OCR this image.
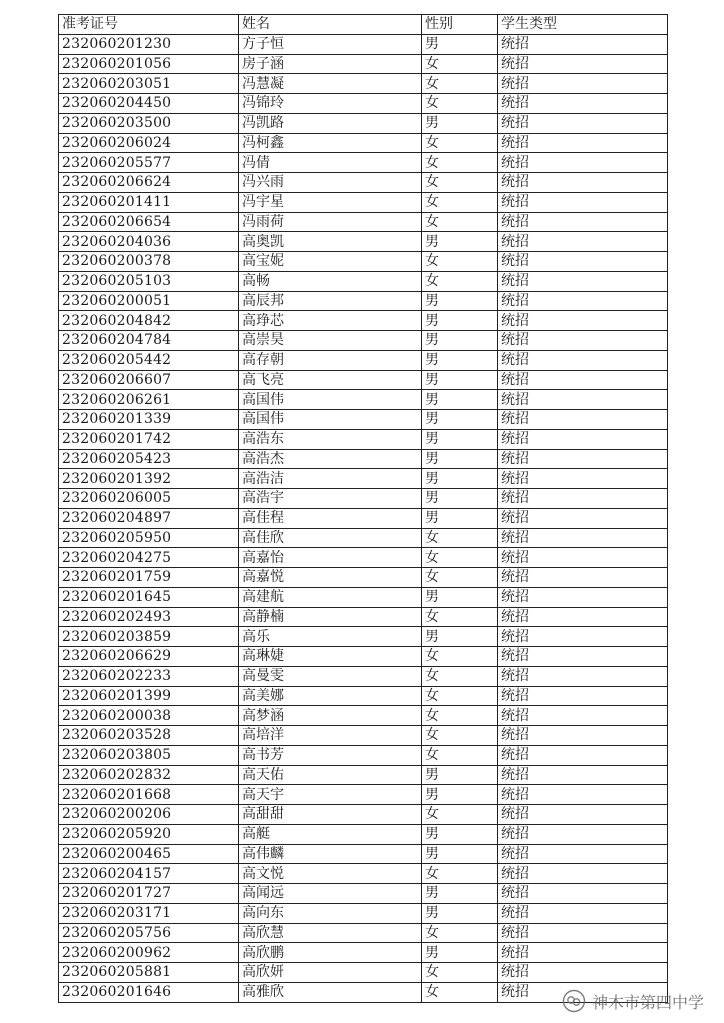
准考证号	姓名	性别	学生类型
232060201230	方子恒	男	统招
232060201056	房子涵	女	统招
232060203051	冯慧凝	女	统招
232060204450	冯锦玲	女	统招
232060203500	冯凯路	男	统招
232060206024	冯柯鑫	女	统招
232060205577	冯倩	女	统招
232060206624	冯兴雨	女	统招
232060201411	冯宇星	女	统招
232060206654	冯雨荷	女	统招
232060204036	高奥凯	男	统招
232060200378	高宝妮	女	统招
232060205103	高畅	女	统招
232060200051	高辰邦	男	统招
232060204842	高琤芯	男	统招
232060204784	高崇昊	男	统招
232060205442	高存朝	男	统招
232060206607	高飞亮	男	统招
232060206261	高国伟	男	统招
232060201339	高国伟	男	统招
232060201742	高浩东	男	统招
232060205423	高浩杰	男	统招
232060201392	高浩洁	男	统招
232060206005	高浩宇	男	统招
232060204897	高佳程	男	统招
232060205950	高佳欣	女	统招
232060204275	高嘉怡	女	统招
232060201759	高嘉悦	女	统招
232060201645	高建航	男	统招
232060202493	高静楠	女	统招
232060203859	高乐	男	统招
232060206629	高琳婕	女	统招
232060202233	高曼雯	女	统招
232060201399	高美娜	女	统招
232060200038	高梦涵	女	统招
232060203528	高培洋	女	统招
232060203805	高书芳	女	统招
232060202832	高天佑	男	统招
232060201668	高天宇	男	统招
232060200206	高甜甜	女	统招
232060205920	高艇	男	统招
232060200465	高伟麟	男	统招
232060204157	高文悦	女	统招
232060201727	高闻远	男	统招
232060203171	高向东	男	统招
232060205756	高欣慧	女	统招
232060200962	高欣鹏	男	统招
232060205881	高欣妍	女	统招
232060201646	高雅欣	女	统招
神木市第四中学
